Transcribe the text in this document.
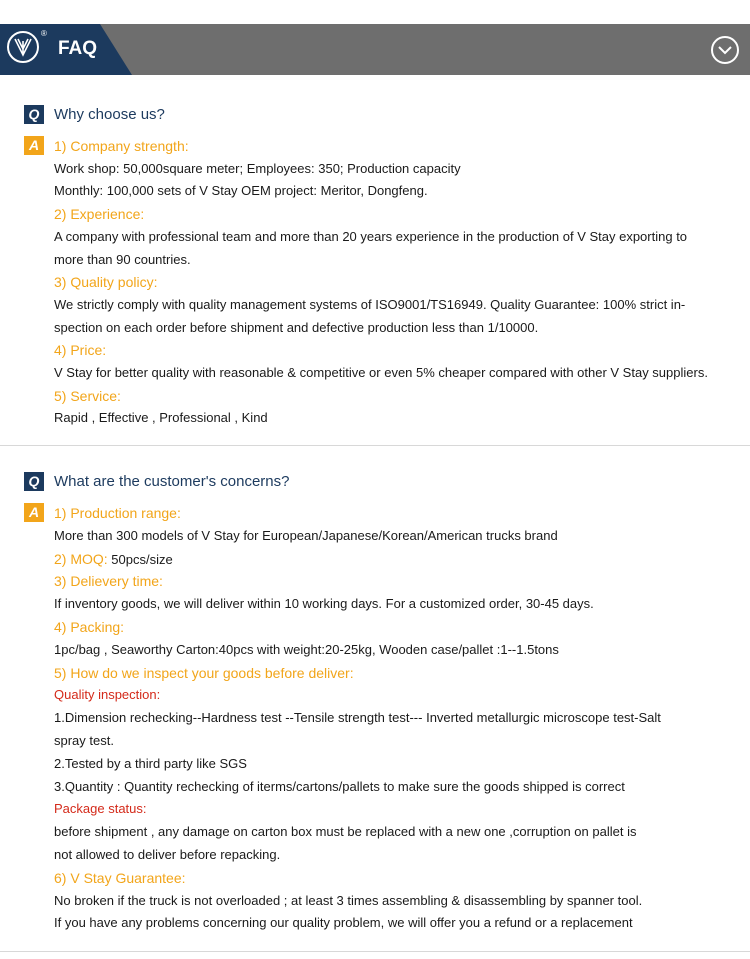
®
FAQ
Q Why choose us?
A	1) Company strength:
Work shop: 50,000square meter; Employees: 350; Production capacity
Monthly: 100,000 sets of V Stay OEM project: Meritor, Dongfeng.
2) Experience:
A company with professional team and more than 20 years experience in the production of V Stay exporting to
more than 90 countries.
3) Quality policy:
We strictly comply with quality management systems of ISO9001/TS16949. Quality Guarantee: 100% strict in-
spection on each order before shipment and defective production less than 1/10000.
4) Price:
V Stay for better quality with reasonable & competitive or even 5% cheaper compared with other V Stay suppliers.
5) Service:
Rapid , Effective , Professional , Kind
Q What are the customer's concerns?
A	1) Production range:
More than 300 models of V Stay for European/Japanese/Korean/American trucks brand
2) MOQ: 50pcs/size
3) Delievery time:
If inventory goods, we will deliver within 10 working days. For a customized order, 30-45 days.
4) Packing:
1pc/bag , Seaworthy Carton:40pcs with weight:20-25kg, Wooden case/pallet :1--1.5tons
5) How do we inspect your goods before deliver:
Quality inspection:
1.Dimension rechecking--Hardness test --Tensile strength test--- Inverted metallurgic microscope test-Salt
spray test.
2.Tested by a third party like SGS
3.Quantity : Quantity rechecking of iterms/cartons/pallets to make sure the goods shipped is correct
Package status:
before shipment , any damage on carton box must be replaced with a new one ,corruption on pallet is
not allowed to deliver before repacking.
6) V Stay Guarantee:
No broken if the truck is not overloaded ; at least 3 times assembling & disassembling by spanner tool.
If you have any problems concerning our quality problem, we will offer you a refund or a replacement
